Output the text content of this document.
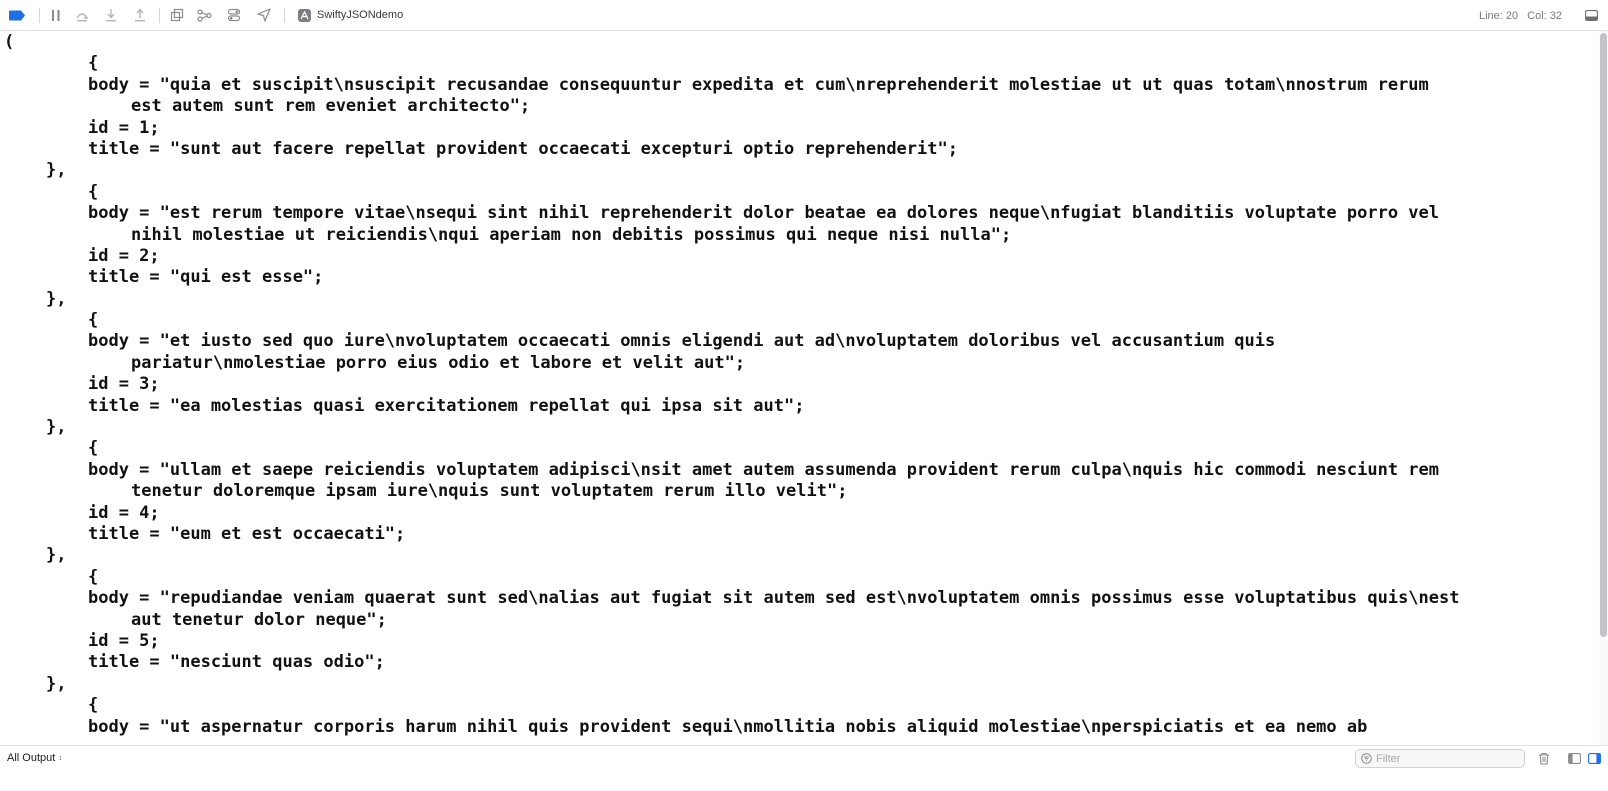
SwiftyJSONdemo	Line: 20 Col: 32
(
{
body = "quia et suscipit\nsuscipit recusandae consequuntur expedita et cum\nreprehenderit molestiae ut ut quas totam\nnostrum rerum
est autem sunt rem eveniet architecto";
id = 1;
title = "sunt aut facere repellat provident occaecati excepturi optio reprehenderit";
},
{
body = "est rerum tempore vitae\nsequi sint nihil reprehenderit dolor beatae ea dolores neque\nfugiat blanditiis voluptate porro vel
nihil molestiae ut reiciendis\nqui aperiam non debitis possimus qui neque nisi nulla";
id = 2;
title = "qui est esse";
},
{
body = "et iusto sed quo iure\nvoluptatem occaecati omnis eligendi aut ad\nvoluptatem doloribus vel accusantium quis
pariatur\nmolestiae porro eius odio et labore et velit aut";
id = 3;
title = "ea molestias quasi exercitationem repellat qui ipsa sit aut";
},
{
body = "ullam et saepe reiciendis voluptatem adipisci\nsit amet autem assumenda provident rerum culpa\nquis hic commodi nesciunt rem
tenetur doloremque ipsam iure\nquis sunt voluptatem rerum illo velit";
id = 4;
title = "eum et est occaecati";
},
{
body = "repudiandae veniam quaerat sunt sed\nalias aut fugiat sit autem sed est\nvoluptatem omnis possimus esse voluptatibus quis\nest
aut tenetur dolor neque";
id = 5;
title = "nesciunt quas odio";
},
{
body = "ut aspernatur corporis harum nihil quis provident sequi\nmollitia nobis aliquid molestiae\nperspiciatis et ea nemo ab
All Output ↕
Filter
